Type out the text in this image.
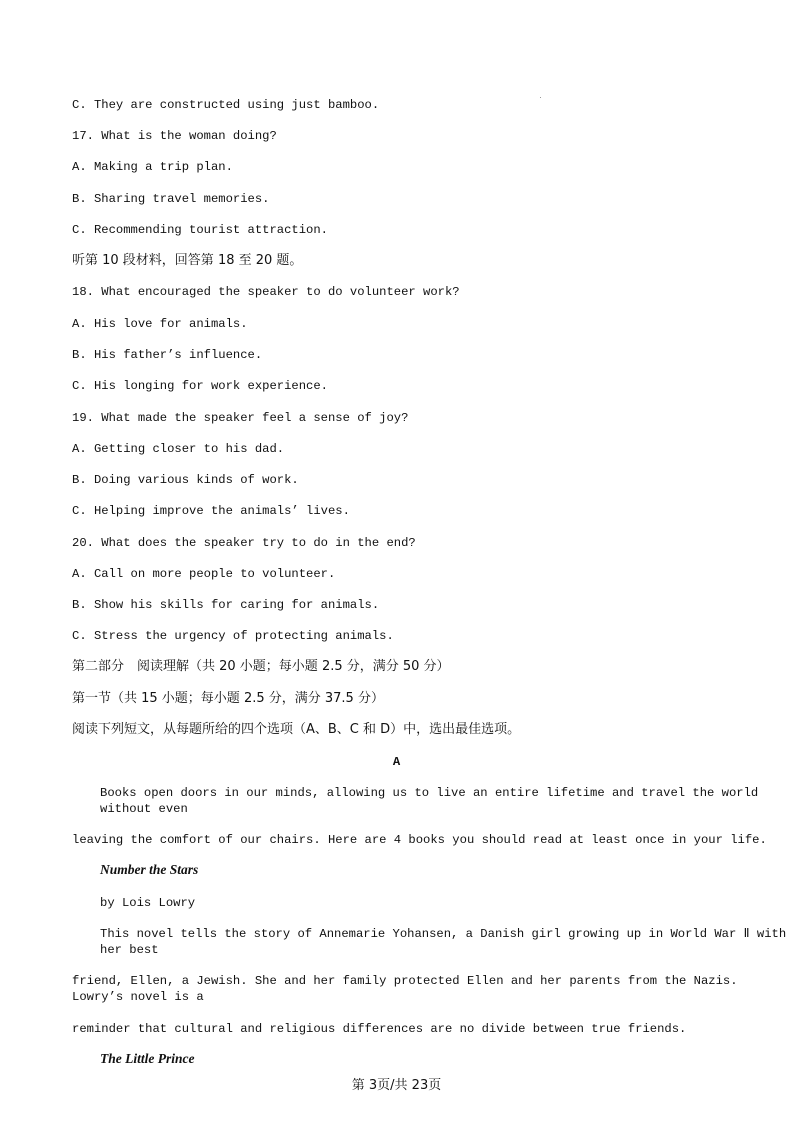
C. They are constructed using just bamboo.
17. What is the woman doing?
A. Making a trip plan.
B. Sharing travel memories.
C. Recommending tourist attraction.
听第 10 段材料，回答第 18 至 20 题。
18. What encouraged the speaker to do volunteer work?
A. His love for animals.
B. His father’s influence.
C. His longing for work experience.
19. What made the speaker feel a sense of joy?
A. Getting closer to his dad.
B. Doing various kinds of work.
C. Helping improve the animals’ lives.
20. What does the speaker try to do in the end?
A. Call on more people to volunteer.
B. Show his skills for caring for animals.
C. Stress the urgency of protecting animals.
第二部分　阅读理解（共 20 小题；每小题 2.5 分，满分 50 分）
第一节（共 15 小题；每小题 2.5 分，满分 37.5 分）
阅读下列短文，从每题所给的四个选项（A、B、C 和 D）中，选出最佳选项。
A
Books open doors in our minds, allowing us to live an entire lifetime and travel the world without even
leaving the comfort of our chairs. Here are 4 books you should read at least once in your life.
Number the Stars
by Lois Lowry
This novel tells the story of Annemarie Yohansen, a Danish girl growing up in World War Ⅱ with her best
friend, Ellen, a Jewish. She and her family protected Ellen and her parents from the Nazis. Lowry’s novel is a
reminder that cultural and religious differences are no divide between true friends.
The Little Prince
第 3页/共 23页
